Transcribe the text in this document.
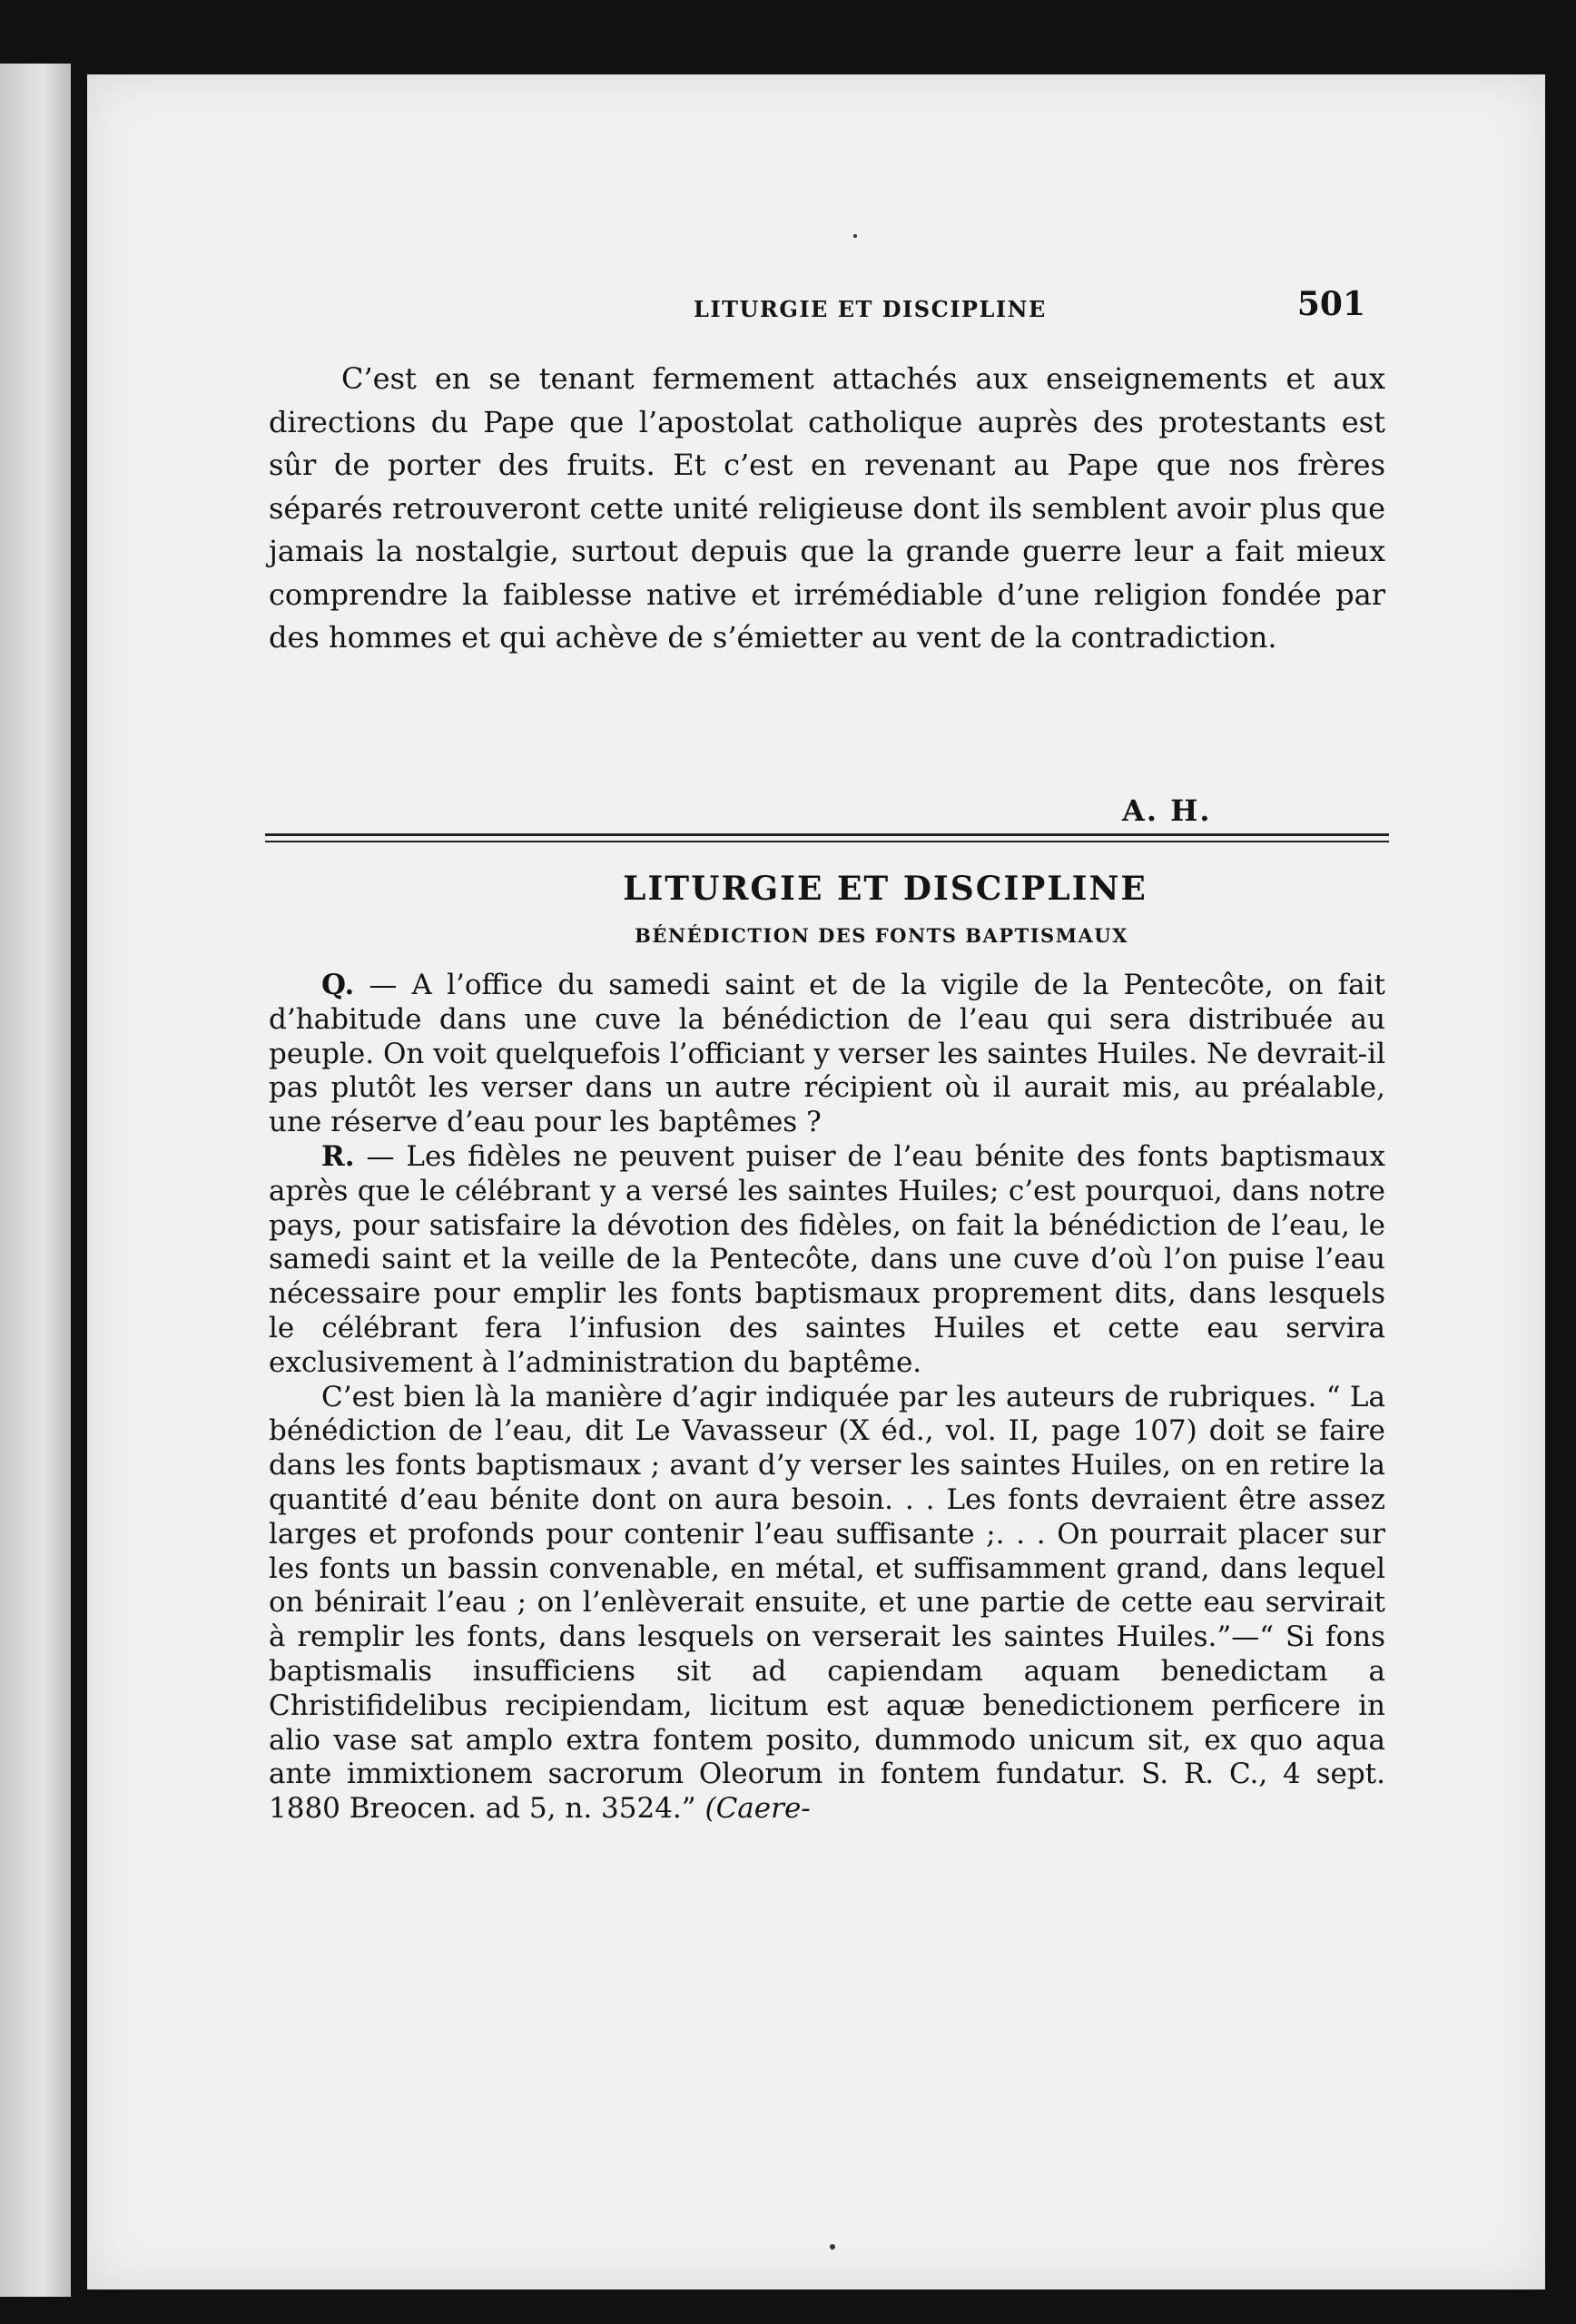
LITURGIE ET DISCIPLINE	501

C’est en se tenant fermement attachés aux enseignements et aux directions du Pape que l’apostolat catholique auprès des protestants est sûr de porter des fruits. Et c’est en revenant au Pape que nos frères séparés retrouveront cette unité religieuse dont ils semblent avoir plus que jamais la nostalgie, surtout depuis que la grande guerre leur a fait mieux comprendre la faiblesse native et irrémédiable d’une religion fondée par des hommes et qui achève de s’émietter au vent de la contradiction.

A. H.
LITURGIE ET DISCIPLINE
BÉNÉDICTION DES FONTS BAPTISMAUX

Q. — A l’office du samedi saint et de la vigile de la Pentecôte, on fait d’habitude dans une cuve la bénédiction de l’eau qui sera distribuée au peuple. On voit quelquefois l’officiant y verser les saintes Huiles. Ne devrait-il pas plutôt les verser dans un autre récipient où il aurait mis, au préalable, une réserve d’eau pour les baptêmes ?

R. — Les fidèles ne peuvent puiser de l’eau bénite des fonts baptismaux après que le célébrant y a versé les saintes Huiles; c’est pourquoi, dans notre pays, pour satisfaire la dévotion des fidèles, on fait la bénédiction de l’eau, le samedi saint et la veille de la Pentecôte, dans une cuve d’où l’on puise l’eau nécessaire pour emplir les fonts baptismaux proprement dits, dans lesquels le célébrant fera l’infusion des saintes Huiles et cette eau servira exclusivement à l’administration du baptême.

C’est bien là la manière d’agir indiquée par les auteurs de rubriques. “ La bénédiction de l’eau, dit Le Vavasseur (X éd., vol. II, page 107) doit se faire dans les fonts baptismaux ; avant d’y verser les saintes Huiles, on en retire la quantité d’eau bénite dont on aura besoin. . . Les fonts devraient être assez larges et profonds pour contenir l’eau suffisante ;. . . On pourrait placer sur les fonts un bassin convenable, en métal, et suffisamment grand, dans lequel on bénirait l’eau ; on l’enlèverait ensuite, et une partie de cette eau servirait à remplir les fonts, dans lesquels on verserait les saintes Huiles.”—“ Si fons baptismalis insufficiens sit ad capiendam aquam benedictam a Christifidelibus recipiendam, licitum est aquæ benedictionem perficere in alio vase sat amplo extra fontem posito, dummodo unicum sit, ex quo aqua ante immixtionem sacrorum Oleorum in fontem fundatur. S. R. C., 4 sept. 1880 Breocen. ad 5, n. 3524.” (Caere-
